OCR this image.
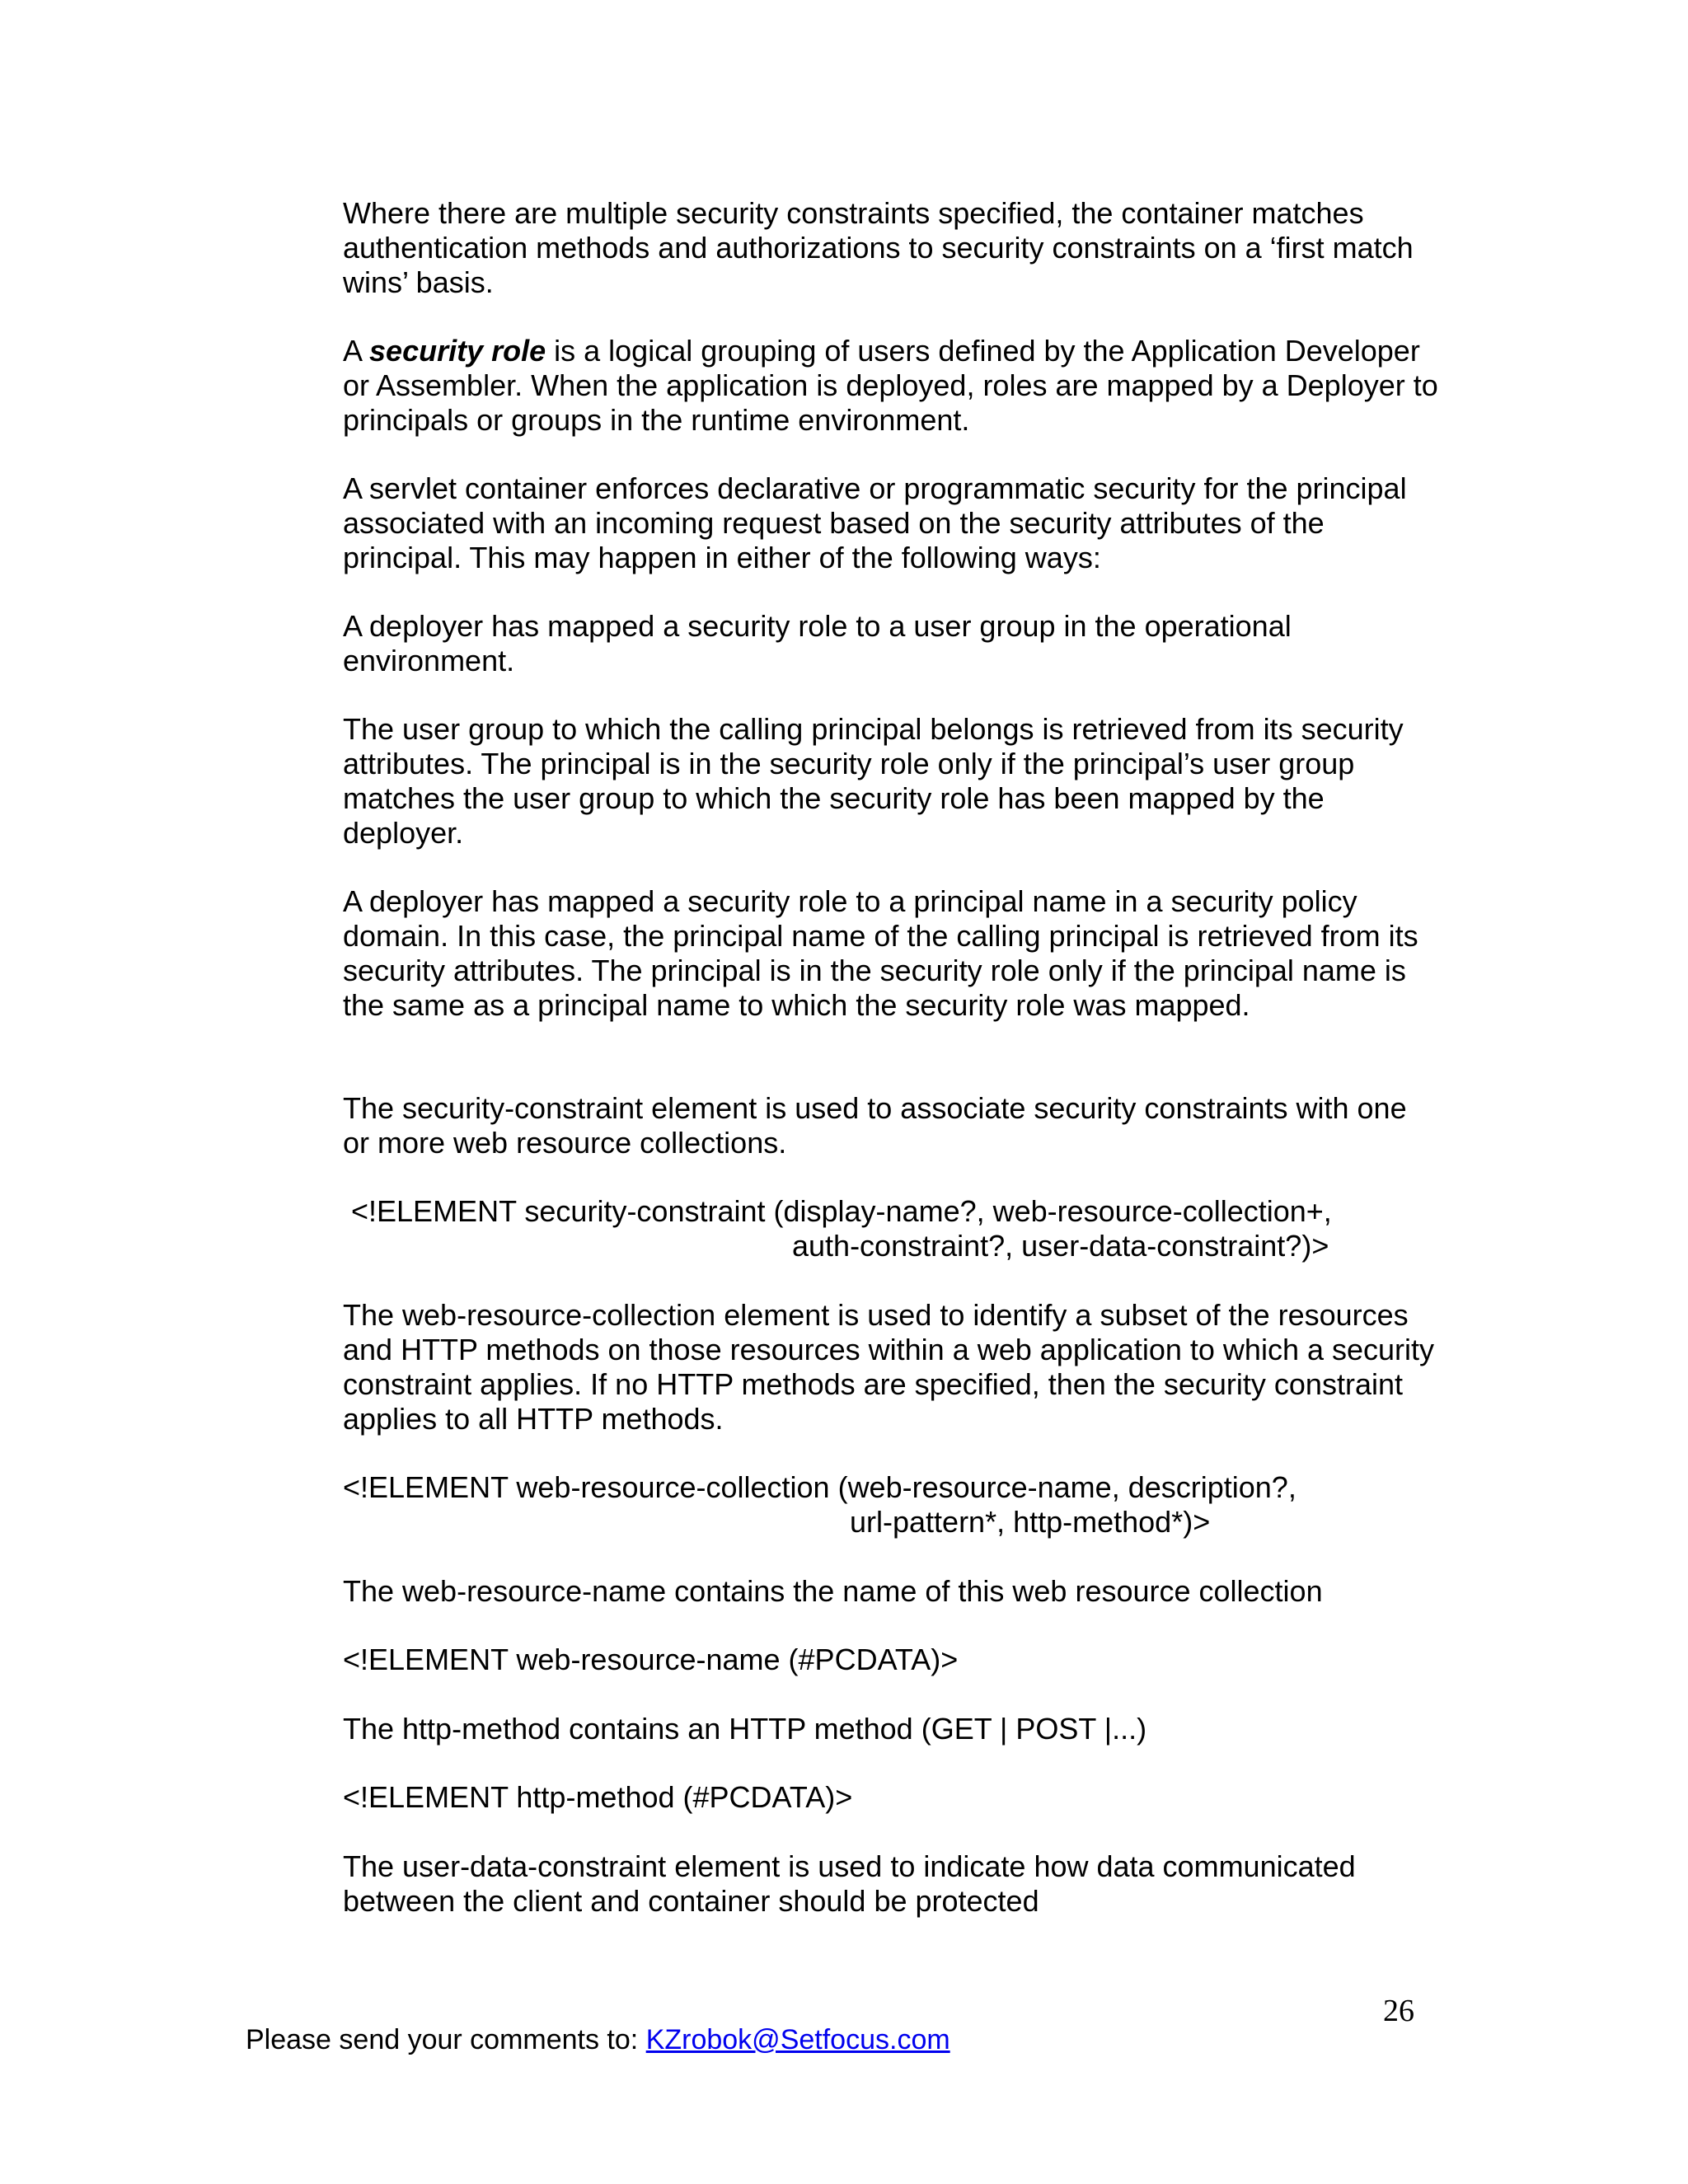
Where there are multiple security constraints specified, the container matches authentication methods and authorizations to security constraints on a ‘first match wins’ basis.

A security role is a logical grouping of users defined by the Application Developer or Assembler. When the application is deployed, roles are mapped by a Deployer to principals or groups in the runtime environment.

A servlet container enforces declarative or programmatic security for the principal associated with an incoming request based on the security attributes of the principal. This may happen in either of the following ways:

A deployer has mapped a security role to a user group in the operational environment.

The user group to which the calling principal belongs is retrieved from its security attributes. The principal is in the security role only if the principal’s user group matches the user group to which the security role has been mapped by the deployer.

A deployer has mapped a security role to a principal name in a security policy domain. In this case, the principal name of the calling principal is retrieved from its security attributes. The principal is in the security role only if the principal name is the same as a principal name to which the security role was mapped.

The security-constraint element is used to associate security constraints with one or more web resource collections.

<!ELEMENT security-constraint (display-name?, web-resource-collection+,
auth-constraint?, user-data-constraint?)>

The web-resource-collection element is used to identify a subset of the resources and HTTP methods on those resources within a web application to which a security constraint applies. If no HTTP methods are specified, then the security constraint applies to all HTTP methods.

<!ELEMENT web-resource-collection (web-resource-name, description?,
url-pattern*, http-method*)>

The web-resource-name contains the name of this web resource collection

<!ELEMENT web-resource-name (#PCDATA)>

The http-method contains an HTTP method (GET | POST |...)

<!ELEMENT http-method (#PCDATA)>

The user-data-constraint element is used to indicate how data communicated between the client and container should be protected

26
Please send your comments to: KZrobok@Setfocus.com
